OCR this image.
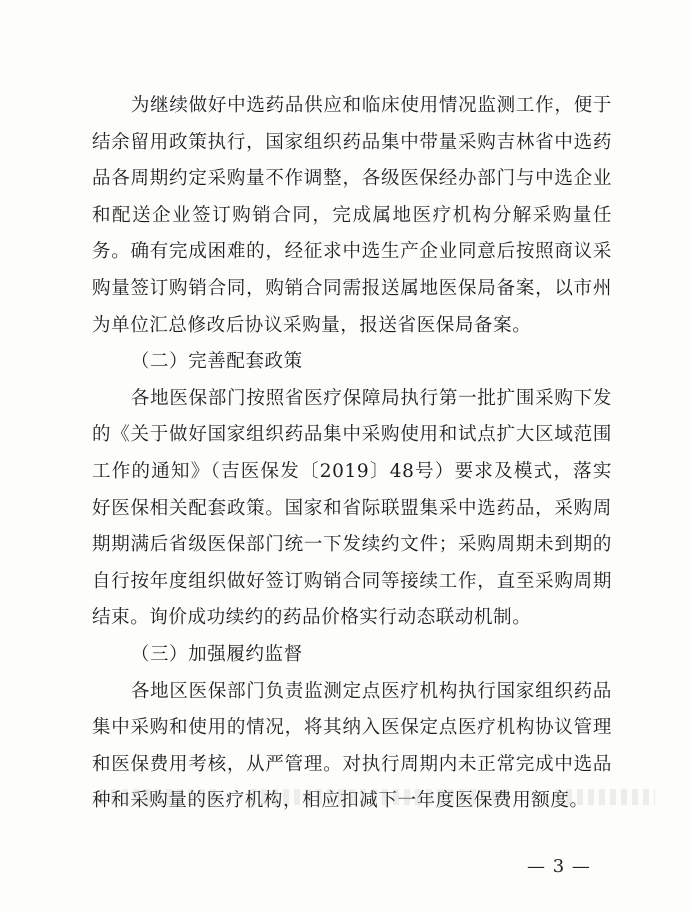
为继续做好中选药品供应和临床使用情况监测工作，便于结余留用政策执行，国家组织药品集中带量采购吉林省中选药品各周期约定采购量不作调整，各级医保经办部门与中选企业和配送企业签订购销合同，完成属地医疗机构分解采购量任务。确有完成困难的，经征求中选生产企业同意后按照商议采购量签订购销合同，购销合同需报送属地医保局备案，以市州为单位汇总修改后协议采购量，报送省医保局备案。

（二）完善配套政策

各地医保部门按照省医疗保障局执行第一批扩围采购下发的《关于做好国家组织药品集中采购使用和试点扩大区域范围工作的通知》（吉医保发〔2019〕48号）要求及模式，落实好医保相关配套政策。国家和省际联盟集采中选药品，采购周期期满后省级医保部门统一下发续约文件；采购周期未到期的自行按年度组织做好签订购销合同等接续工作，直至采购周期结束。询价成功续约的药品价格实行动态联动机制。

（三）加强履约监督

各地区医保部门负责监测定点医疗机构执行国家组织药品集中采购和使用的情况，将其纳入医保定点医疗机构协议管理和医保费用考核，从严管理。对执行周期内未正常完成中选品种和采购量的医疗机构，相应扣减下一年度医保费用额度。

— 3 —
